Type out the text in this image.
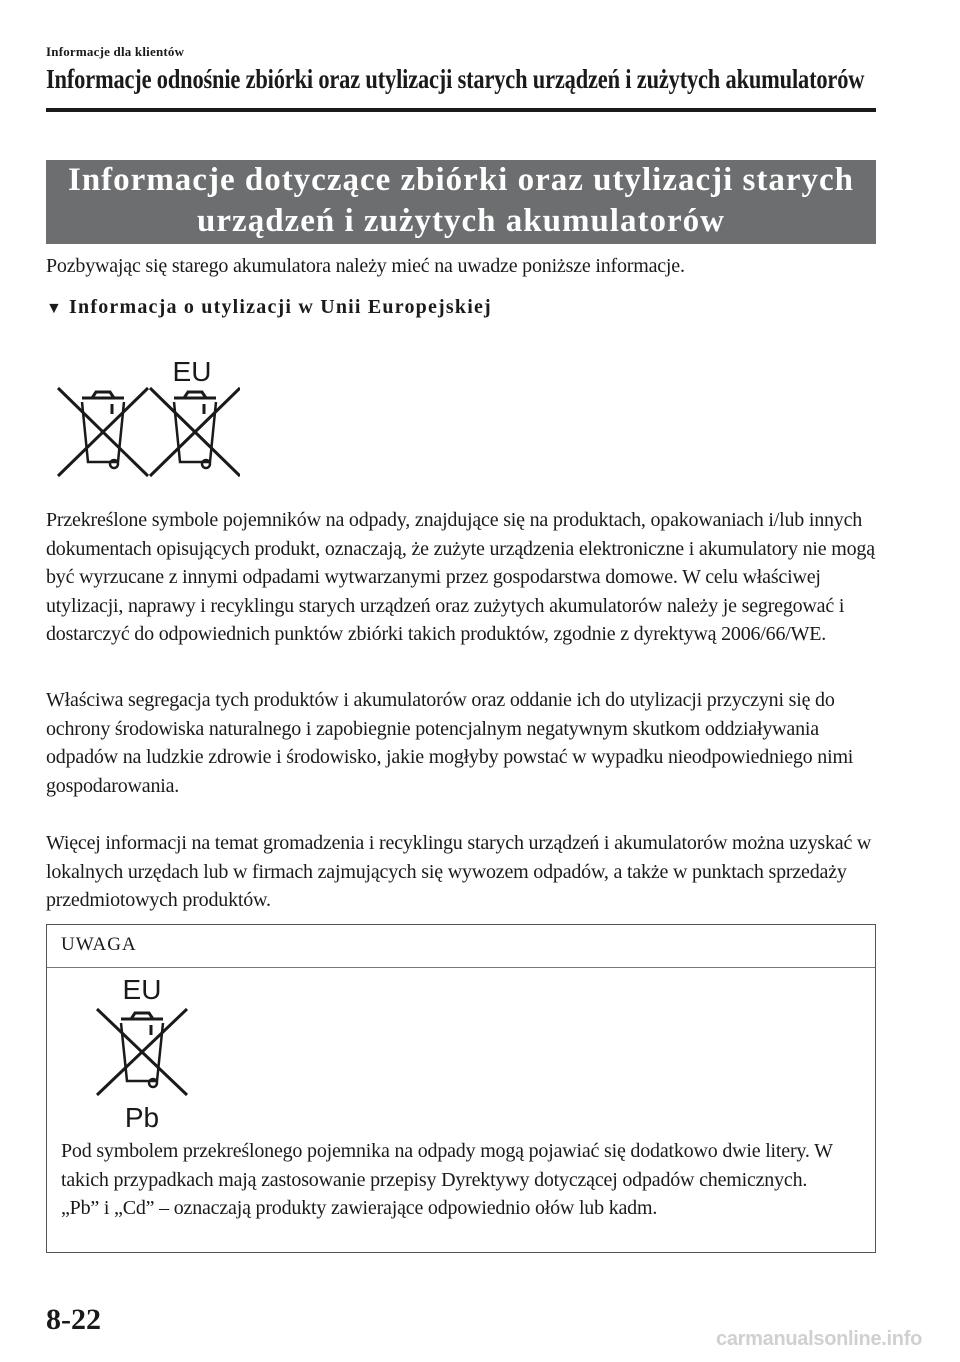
Informacje dla klientów
Informacje odnośnie zbiórki oraz utylizacji starych urządzeń i zużytych akumulatorów
Informacje dotyczące zbiórki oraz utylizacji starych
urządzeń i zużytych akumulatorów
Pozbywając się starego akumulatora należy mieć na uwadze poniższe informacje.
▼ Informacja o utylizacji w Unii Europejskiej
EU

Przekreślone symbole pojemników na odpady, znajdujące się na produktach, opakowaniach i/lub innych dokumentach opisujących produkt, oznaczają, że zużyte urządzenia elektroniczne i akumulatory nie mogą być wyrzucane z innymi odpadami wytwarzanymi przez gospodarstwa domowe. W celu właściwej utylizacji, naprawy i recyklingu starych urządzeń oraz zużytych akumulatorów należy je segregować i dostarczyć do odpowiednich punktów zbiórki takich produktów, zgodnie z dyrektywą 2006/66/WE.

Właściwa segregacja tych produktów i akumulatorów oraz oddanie ich do utylizacji przyczyni się do ochrony środowiska naturalnego i zapobiegnie potencjalnym negatywnym skutkom oddziaływania odpadów na ludzkie zdrowie i środowisko, jakie mogłyby powstać w wypadku nieodpowiedniego nimi gospodarowania.

Więcej informacji na temat gromadzenia i recyklingu starych urządzeń i akumulatorów można uzyskać w lokalnych urzędach lub w firmach zajmujących się wywozem odpadów, a także w punktach sprzedaży przedmiotowych produktów.

UWAGA
EU
Pb

Pod symbolem przekreślonego pojemnika na odpady mogą pojawiać się dodatkowo dwie litery. W takich przypadkach mają zastosowanie przepisy Dyrektywy dotyczącej odpadów chemicznych.

„Pb” i „Cd” – oznaczają produkty zawierające odpowiednio ołów lub kadm.

8-22
carmanualsonline.info
